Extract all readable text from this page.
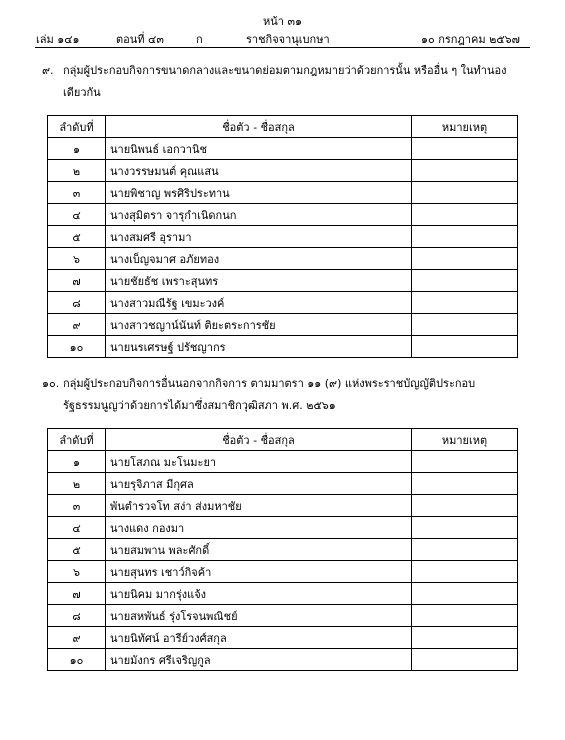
หน้า ๓๑
เล่ม ๑๔๑	ตอนที่ ๔๓	ก	ราชกิจจานุเบกษา	๑๐ กรกฎาคม ๒๕๖๗
๙. กลุ่มผู้ประกอบกิจการขนาดกลางและขนาดย่อมตามกฎหมายว่าด้วยการนั้น หรืออื่น ๆ ในทำนองเดียวกัน
ลำดับที่	ชื่อตัว - ชื่อสกุล	หมายเหตุ
๑	นายนิพนธ์ เอกวานิช	
๒	นางวรรษมนต์ คุณแสน	
๓	นายพิชาญ พรศิริประทาน	
๔	นางสุมิตรา จารุกำเนิดกนก	
๕	นางสมศรี อุรามา	
๖	นางเบ็ญจมาศ อภัยทอง	
๗	นายชัยธัช เพราะสุนทร	
๘	นางสาวมณีรัฐ เขมะวงค์	
๙	นางสาวชญาน์นันท์ ติยะตระการชัย	
๑๐	นายนรเศรษฐ์ ปรัชญากร	
๑๐. กลุ่มผู้ประกอบกิจการอื่นนอกจากกิจการ ตามมาตรา ๑๑ (๙) แห่งพระราชบัญญัติประกอบรัฐธรรมนูญว่าด้วยการได้มาซึ่งสมาชิกวุฒิสภา พ.ศ. ๒๕๖๑
ลำดับที่	ชื่อตัว - ชื่อสกุล	หมายเหตุ
๑	นายโสภณ มะโนมะยา	
๒	นายรุจิภาส มีกุศล	
๓	พันตำรวจโท สง่า ส่งมหาชัย	
๔	นางแดง กองมา	
๕	นายสมพาน พละศักดิ์	
๖	นายสุนทร เชาว์กิจค้า	
๗	นายนิคม มากรุ่งแจ้ง	
๘	นายสหพันธ์ รุ่งโรจนพณิชย์	
๙	นายนิทัศน์ อารีย์วงศ์สกุล	
๑๐	นายมังกร ศรีเจริญกูล	
